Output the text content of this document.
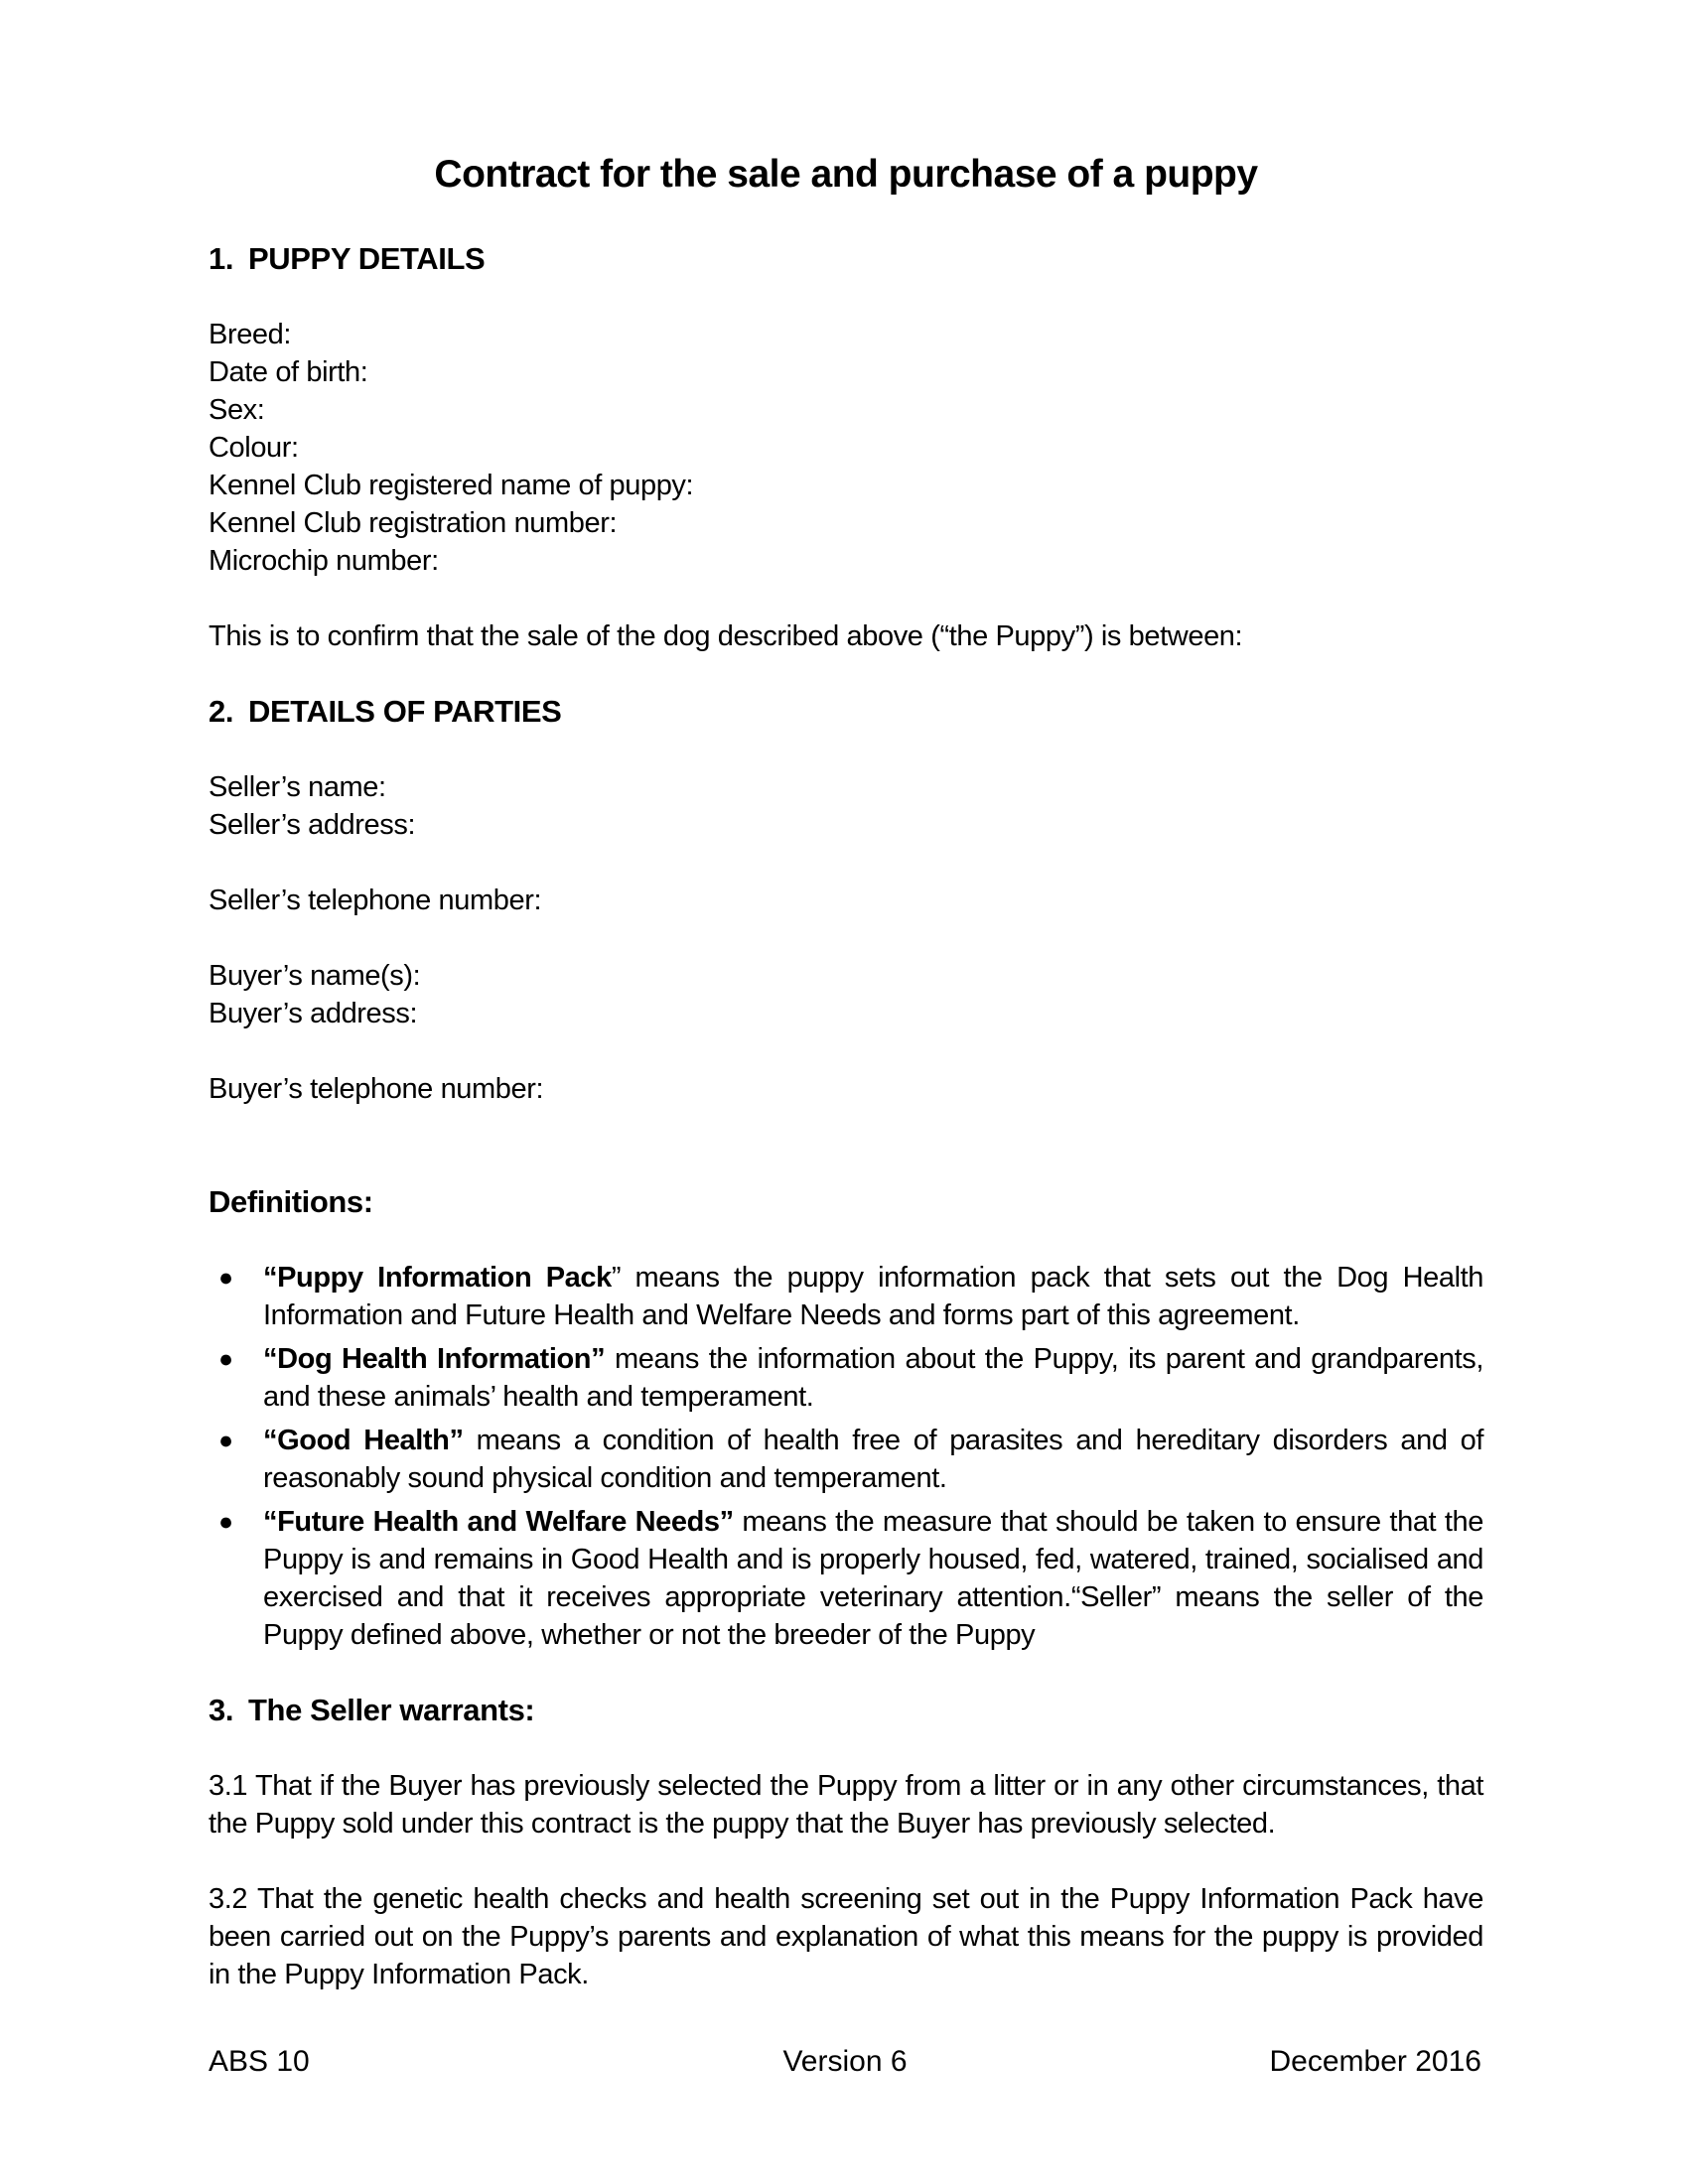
Contract for the sale and purchase of a puppy
1. PUPPY DETAILS
Breed:
Date of birth:
Sex:
Colour:
Kennel Club registered name of puppy:
Kennel Club registration number:
Microchip number:
This is to confirm that the sale of the dog described above (“the Puppy”) is between:
2. DETAILS OF PARTIES
Seller’s name:
Seller’s address:
Seller’s telephone number:
Buyer’s name(s):
Buyer’s address:
Buyer’s telephone number:
Definitions:
● “Puppy Information Pack” means the puppy information pack that sets out the Dog Health Information and Future Health and Welfare Needs and forms part of this agreement.
● “Dog Health Information” means the information about the Puppy, its parent and grandparents, and these animals’ health and temperament.
● “Good Health” means a condition of health free of parasites and hereditary disorders and of reasonably sound physical condition and temperament.
● “Future Health and Welfare Needs” means the measure that should be taken to ensure that the Puppy is and remains in Good Health and is properly housed, fed, watered, trained, socialised and exercised and that it receives appropriate veterinary attention.“Seller” means the seller of the Puppy defined above, whether or not the breeder of the Puppy
3. The Seller warrants:
3.1 That if the Buyer has previously selected the Puppy from a litter or in any other circumstances, that the Puppy sold under this contract is the puppy that the Buyer has previously selected.
3.2 That the genetic health checks and health screening set out in the Puppy Information Pack have been carried out on the Puppy’s parents and explanation of what this means for the puppy is provided in the Puppy Information Pack.
ABS 10	Version 6	December 2016
